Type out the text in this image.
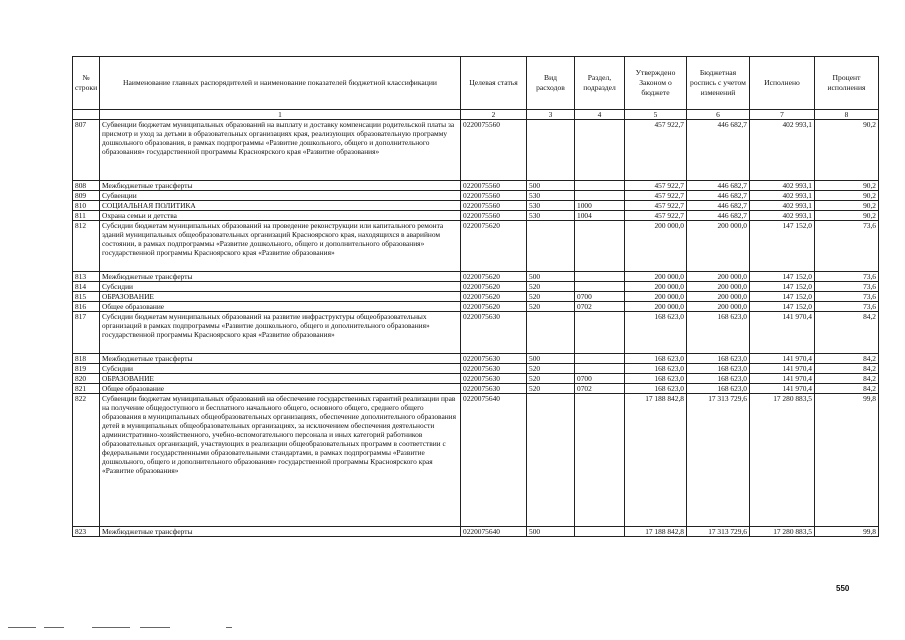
№ строки	Наименование главных распорядителей и наименование показателей бюджетной классификации	Целевая статья	Вид расходов	Раздел, подраздел	Утверждено Законом о бюджете	Бюджетная роспись с учетом изменений	Исполнено	Процент исполнения
	1	2	3	4	5	6	7	8
807	Субвенции бюджетам муниципальных образований на выплату и доставку компенсации родительской платы за присмотр и уход за детьми в образовательных организациях края, реализующих образовательную программу дошкольного образования, в рамках подпрограммы «Развитие дошкольного, общего и дополнительного образования» государственной программы Красноярского края «Развитие образования»	0220075560			457 922,7	446 682,7	402 993,1	90,2
808	Межбюджетные трансферты	0220075560	500		457 922,7	446 682,7	402 993,1	90,2
809	Субвенции	0220075560	530		457 922,7	446 682,7	402 993,1	90,2
810	СОЦИАЛЬНАЯ ПОЛИТИКА	0220075560	530	1000	457 922,7	446 682,7	402 993,1	90,2
811	Охрана семьи и детства	0220075560	530	1004	457 922,7	446 682,7	402 993,1	90,2
812	Субсидии бюджетам муниципальных образований на проведение реконструкции или капитального ремонта зданий муниципальных общеобразовательных организаций Красноярского края, находящихся в аварийном состоянии, в рамках подпрограммы «Развитие дошкольного, общего и дополнительного образования» государственной программы Красноярского края «Развитие образования»	0220075620			200 000,0	200 000,0	147 152,0	73,6
813	Межбюджетные трансферты	0220075620	500		200 000,0	200 000,0	147 152,0	73,6
814	Субсидии	0220075620	520		200 000,0	200 000,0	147 152,0	73,6
815	ОБРАЗОВАНИЕ	0220075620	520	0700	200 000,0	200 000,0	147 152,0	73,6
816	Общее образование	0220075620	520	0702	200 000,0	200 000,0	147 152,0	73,6
817	Субсидии бюджетам муниципальных образований на развитие инфраструктуры общеобразовательных организаций в рамках подпрограммы «Развитие дошкольного, общего и дополнительного образования» государственной программы Красноярского края «Развитие образования»	0220075630			168 623,0	168 623,0	141 970,4	84,2
818	Межбюджетные трансферты	0220075630	500		168 623,0	168 623,0	141 970,4	84,2
819	Субсидии	0220075630	520		168 623,0	168 623,0	141 970,4	84,2
820	ОБРАЗОВАНИЕ	0220075630	520	0700	168 623,0	168 623,0	141 970,4	84,2
821	Общее образование	0220075630	520	0702	168 623,0	168 623,0	141 970,4	84,2
822	Субвенции бюджетам муниципальных образований на обеспечение государственных гарантий реализации прав на получение общедоступного и бесплатного начального общего, основного общего, среднего общего образования в муниципальных общеобразовательных организациях, обеспечение дополнительного образования детей в муниципальных общеобразовательных организациях, за исключением обеспечения деятельности административно-хозяйственного, учебно-вспомогательного персонала и иных категорий работников образовательных организаций, участвующих в реализации общеобразовательных программ в соответствии с федеральными государственными образовательными стандартами, в рамках подпрограммы «Развитие дошкольного, общего и дополнительного образования» государственной программы Красноярского края «Развитие образования»	0220075640			17 188 842,8	17 313 729,6	17 280 883,5	99,8
823	Межбюджетные трансферты	0220075640	500		17 188 842,8	17 313 729,6	17 280 883,5	99,8
550
